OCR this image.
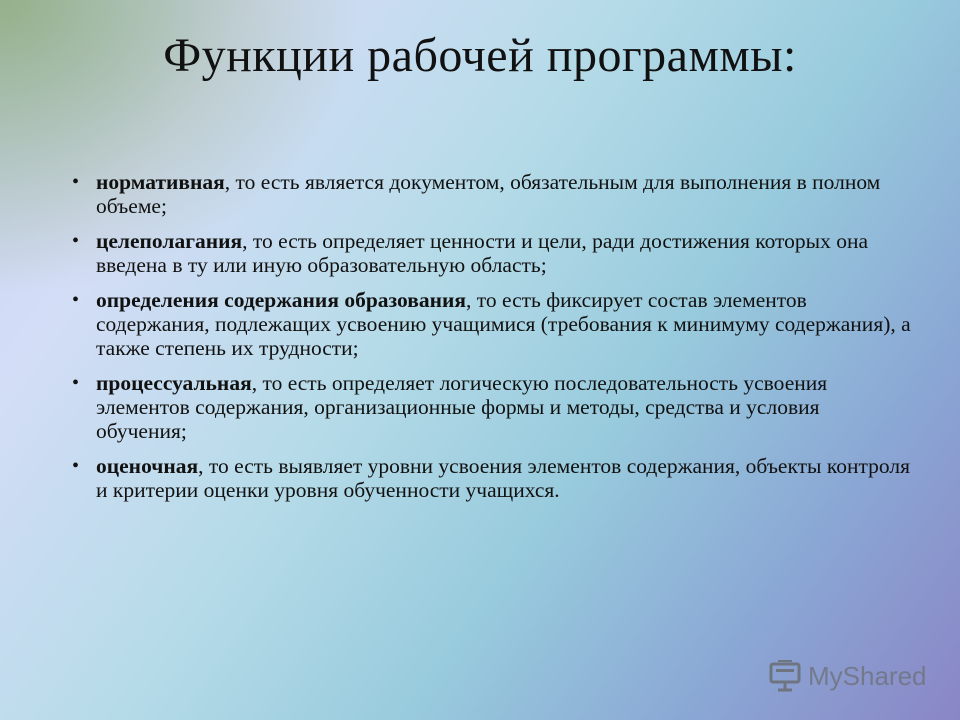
Функции рабочей программы:
• нормативная, то есть является документом, обязательным для выполнения в полном объеме;
• целеполагания, то есть определяет ценности и цели, ради достижения которых она введена в ту или иную образовательную область;
• определения содержания образования, то есть фиксирует состав элементов содержания, подлежащих усвоению учащимися (требования к минимуму содержания), а также степень их трудности;
• процессуальная, то есть определяет логическую последовательность усвоения элементов содержания, организационные формы и методы, средства и условия обучения;
• оценочная, то есть выявляет уровни усвоения элементов содержания, объекты контроля и критерии оценки уровня обученности учащихся.
MyShared
